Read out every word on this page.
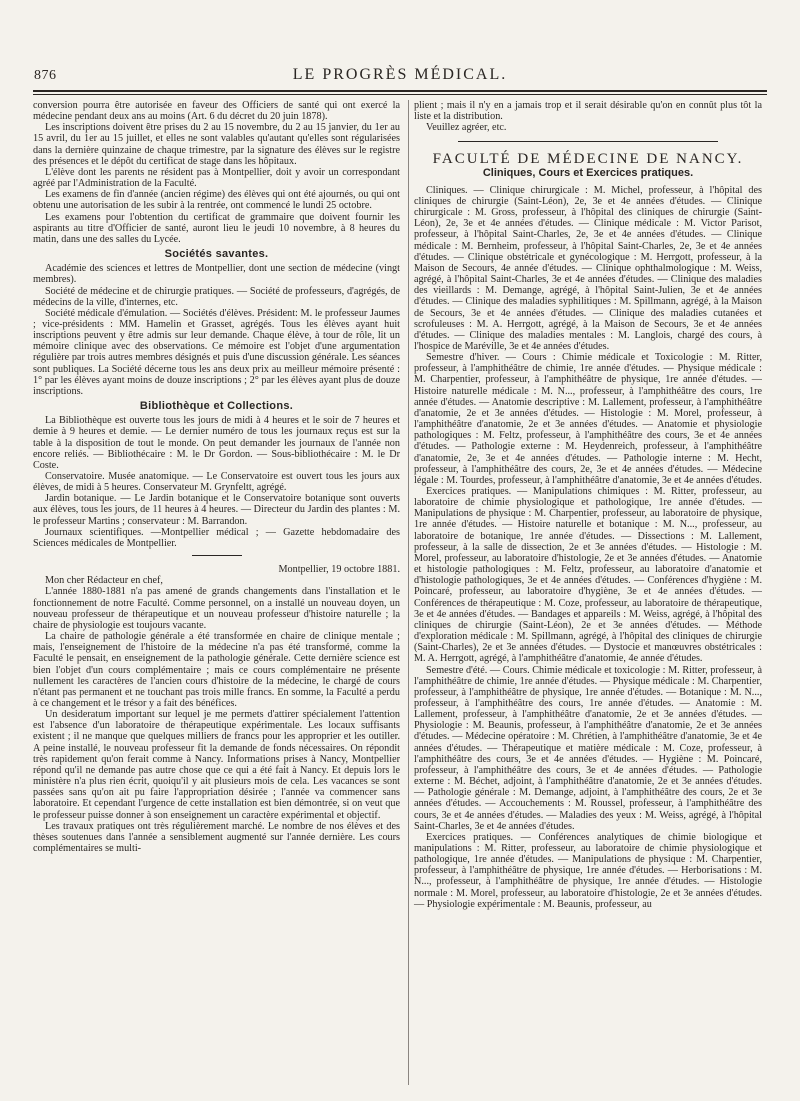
876	LE PROGRÈS MÉDICAL.

conversion pourra être autorisée en faveur des Officiers de santé qui ont exercé la médecine pendant deux ans au moins (Art. 6 du décret du 20 juin 1878).

Les inscriptions doivent être prises du 2 au 15 novembre, du 2 au 15 janvier, du 1er au 15 avril, du 1er au 15 juillet, et elles ne sont valables qu'autant qu'elles sont régularisées dans la dernière quinzaine de chaque trimestre, par la signature des élèves sur le registre des présences et le dépôt du certificat de stage dans les hôpitaux.

L'élève dont les parents ne résident pas à Montpellier, doit y avoir un correspondant agréé par l'Administration de la Faculté.

Les examens de fin d'année (ancien régime) des élèves qui ont été ajournés, ou qui ont obtenu une autorisation de les subir à la rentrée, ont commencé le lundi 25 octobre.

Les examens pour l'obtention du certificat de grammaire que doivent fournir les aspirants au titre d'Officier de santé, auront lieu le jeudi 10 novembre, à 8 heures du matin, dans une des salles du Lycée.

Sociétés savantes.

Académie des sciences et lettres de Montpellier, dont une section de médecine (vingt membres).

Société de médecine et de chirurgie pratiques. — Société de professeurs, d'agrégés, de médecins de la ville, d'internes, etc.

Société médicale d'émulation. — Sociétés d'élèves. Président: M. le professeur Jaumes ; vice-présidents : MM. Hamelin et Grasset, agrégés. Tous les élèves ayant huit inscriptions peuvent y être admis sur leur demande. Chaque élève, à tour de rôle, lit un mémoire clinique avec des observations. Ce mémoire est l'objet d'une argumentation régulière par trois autres membres désignés et puis d'une discussion générale. Les séances sont publiques. La Société décerne tous les ans deux prix au meilleur mémoire présenté : 1° par les élèves ayant moins de douze inscriptions ; 2° par les élèves ayant plus de douze inscriptions.

Bibliothèque et Collections.

La Bibliothèque est ouverte tous les jours de midi à 4 heures et le soir de 7 heures et demie à 9 heures et demie. — Le dernier numéro de tous les journaux reçus est sur la table à la disposition de tout le monde. On peut demander les journaux de l'année non encore reliés. — Bibliothécaire : M. le Dr Gordon. — Sous-bibliothécaire : M. le Dr Coste.

Conservatoire. Musée anatomique. — Le Conservatoire est ouvert tous les jours aux élèves, de midi à 5 heures. Conservateur M. Grynfeltt, agrégé.

Jardin botanique. — Le Jardin botanique et le Conservatoire botanique sont ouverts aux élèves, tous les jours, de 11 heures à 4 heures. — Directeur du Jardin des plantes : M. le professeur Martins ; conservateur : M. Barrandon.

Journaux scientifiques. —Montpellier médical ; — Gazette hebdomadaire des Sciences médicales de Montpellier.

Montpellier, 19 octobre 1881.

Mon cher Rédacteur en chef,

L'année 1880-1881 n'a pas amené de grands changements dans l'installation et le fonctionnement de notre Faculté. Comme personnel, on a installé un nouveau doyen, un nouveau professeur de thérapeutique et un nouveau professeur d'histoire naturelle ; la chaire de physiologie est toujours vacante.

La chaire de pathologie générale a été transformée en chaire de clinique mentale ; mais, l'enseignement de l'histoire de la médecine n'a pas été transformé, comme la Faculté le pensait, en enseignement de la pathologie générale. Cette dernière science est bien l'objet d'un cours complémentaire ; mais ce cours complémentaire ne présente nullement les caractères de l'ancien cours d'histoire de la médecine, le chargé de cours n'étant pas permanent et ne touchant pas trois mille francs. En somme, la Faculté a perdu à ce changement et le trésor y a fait des bénéfices.

Un desideratum important sur lequel je me permets d'attirer spécialement l'attention est l'absence d'un laboratoire de thérapeutique expérimentale. Les locaux suffisants existent ; il ne manque que quelques milliers de francs pour les approprier et les outiller. A peine installé, le nouveau professeur fit la demande de fonds nécessaires. On répondit très rapidement qu'on ferait comme à Nancy. Informations prises à Nancy, Montpellier répond qu'il ne demande pas autre chose que ce qui a été fait à Nancy. Et depuis lors le ministère n'a plus rien écrit, quoiqu'il y ait plusieurs mois de cela. Les vacances se sont passées sans qu'on ait pu faire l'appropriation désirée ; l'année va commencer sans laboratoire. Et cependant l'urgence de cette installation est bien démontrée, si on veut que le professeur puisse donner à son enseignement un caractère expérimental et objectif.

Les travaux pratiques ont très régulièrement marché. Le nombre de nos élèves et des thèses soutenues dans l'année a sensiblement augmenté sur l'année dernière. Les cours complémentaires se multi-

plient ; mais il n'y en a jamais trop et il serait désirable qu'on en connût plus tôt la liste et la distribution.

Veuillez agréer, etc.

FACULTÉ DE MÉDECINE DE NANCY.
Cliniques, Cours et Exercices pratiques.

Cliniques. — Clinique chirurgicale : M. Michel, professeur, à l'hôpital des cliniques de chirurgie (Saint-Léon), 2e, 3e et 4e années d'études. — Clinique chirurgicale : M. Gross, professeur, à l'hôpital des cliniques de chirurgie (Saint-Léon), 2e, 3e et 4e années d'études. — Clinique médicale : M. Victor Parisot, professeur, à l'hôpital Saint-Charles, 2e, 3e et 4e années d'études. — Clinique médicale : M. Bernheim, professeur, à l'hôpital Saint-Charles, 2e, 3e et 4e années d'études. — Clinique obstétricale et gynécologique : M. Herrgott, professeur, à la Maison de Secours, 4e année d'études. — Clinique ophthalmologique : M. Weiss, agrégé, à l'hôpital Saint-Charles, 3e et 4e années d'études. — Clinique des maladies des vieillards : M. Demange, agrégé, à l'hôpital Saint-Julien, 3e et 4e années d'études. — Clinique des maladies syphilitiques : M. Spillmann, agrégé, à la Maison de Secours, 3e et 4e années d'études. — Clinique des maladies cutanées et scrofuleuses : M. A. Herrgott, agrégé, à la Maison de Secours, 3e et 4e années d'études. — Clinique des maladies mentales : M. Langlois, chargé des cours, à l'hospice de Maréville, 3e et 4e années d'études.

Semestre d'hiver. — Cours : Chimie médicale et Toxicologie : M. Ritter, professeur, à l'amphithéâtre de chimie, 1re année d'études. — Physique médicale : M. Charpentier, professeur, à l'amphithéâtre de physique, 1re année d'études. — Histoire naturelle médicale : M. N..., professeur, à l'amphithéâtre des cours, 1re année d'études. — Anatomie descriptive : M. Lallement, professeur, à l'amphithéâtre d'anatomie, 2e et 3e années d'études. — Histologie : M. Morel, professeur, à l'amphithéâtre d'anatomie, 2e et 3e années d'études. — Anatomie et physiologie pathologiques : M. Feltz, professeur, à l'amphithéâtre des cours, 3e et 4e années d'études. — Pathologie externe : M. Heydenreich, professeur, à l'amphithéâtre d'anatomie, 2e, 3e et 4e années d'études. — Pathologie interne : M. Hecht, professeur, à l'amphithéâtre des cours, 2e, 3e et 4e années d'études. — Médecine légale : M. Tourdes, professeur, à l'amphithéâtre d'anatomie, 3e et 4e années d'études.

Exercices pratiques. — Manipulations chimiques : M. Ritter, professeur, au laboratoire de chimie physiologique et pathologique, 1re année d'études. — Manipulations de physique : M. Charpentier, professeur, au laboratoire de physique, 1re année d'études. — Histoire naturelle et botanique : M. N..., professeur, au laboratoire de botanique, 1re année d'études. — Dissections : M. Lallement, professeur, à la salle de dissection, 2e et 3e années d'études. — Histologie : M. Morel, professeur, au laboratoire d'histologie, 2e et 3e années d'études. — Anatomie et histologie pathologiques : M. Feltz, professeur, au laboratoire d'anatomie et d'histologie pathologiques, 3e et 4e années d'études. — Conférences d'hygiène : M. Poincaré, professeur, au laboratoire d'hygiène, 3e et 4e années d'études. — Conférences de thérapeutique : M. Coze, professeur, au laboratoire de thérapeutique, 3e et 4e années d'études. — Bandages et appareils : M. Weiss, agrégé, à l'hôpital des cliniques de chirurgie (Saint-Léon), 2e et 3e années d'études. — Méthode d'exploration médicale : M. Spillmann, agrégé, à l'hôpital des cliniques de chirurgie (Saint-Charles), 2e et 3e années d'études. — Dystocie et manœuvres obstétricales : M. A. Herrgott, agrégé, à l'amphithéâtre d'anatomie, 4e année d'études.

Semestre d'été. — Cours. Chimie médicale et toxicologie : M. Ritter, professeur, à l'amphithéâtre de chimie, 1re année d'études. — Physique médicale : M. Charpentier, professeur, à l'amphithéâtre de physique, 1re année d'études. — Botanique : M. N..., professeur, à l'amphithéâtre des cours, 1re année d'études. — Anatomie : M. Lallement, professeur, à l'amphithéâtre d'anatomie, 2e et 3e années d'études. — Physiologie : M. Beaunis, professeur, à l'amphithéâtre d'anatomie, 2e et 3e années d'études. — Médecine opératoire : M. Chrétien, à l'amphithéâtre d'anatomie, 3e et 4e années d'études. — Thérapeutique et matière médicale : M. Coze, professeur, à l'amphithéâtre des cours, 3e et 4e années d'études. — Hygiène : M. Poincaré, professeur, à l'amphithéâtre des cours, 3e et 4e années d'études. — Pathologie externe : M. Béchet, adjoint, à l'amphithéâtre d'anatomie, 2e et 3e années d'études. — Pathologie générale : M. Demange, adjoint, à l'amphithéâtre des cours, 2e et 3e années d'études. — Accouchements : M. Roussel, professeur, à l'amphithéâtre des cours, 3e et 4e années d'études. — Maladies des yeux : M. Weiss, agrégé, à l'hôpital Saint-Charles, 3e et 4e années d'études.

Exercices pratiques. — Conférences analytiques de chimie biologique et manipulations : M. Ritter, professeur, au laboratoire de chimie physiologique et pathologique, 1re année d'études. — Manipulations de physique : M. Charpentier, professeur, à l'amphithéâtre de physique, 1re année d'études. — Herborisations : M. N..., professeur, à l'amphithéâtre de physique, 1re année d'études. — Histologie normale : M. Morel, professeur, au laboratoire d'histologie, 2e et 3e années d'études. — Physiologie expérimentale : M. Beaunis, professeur, au
